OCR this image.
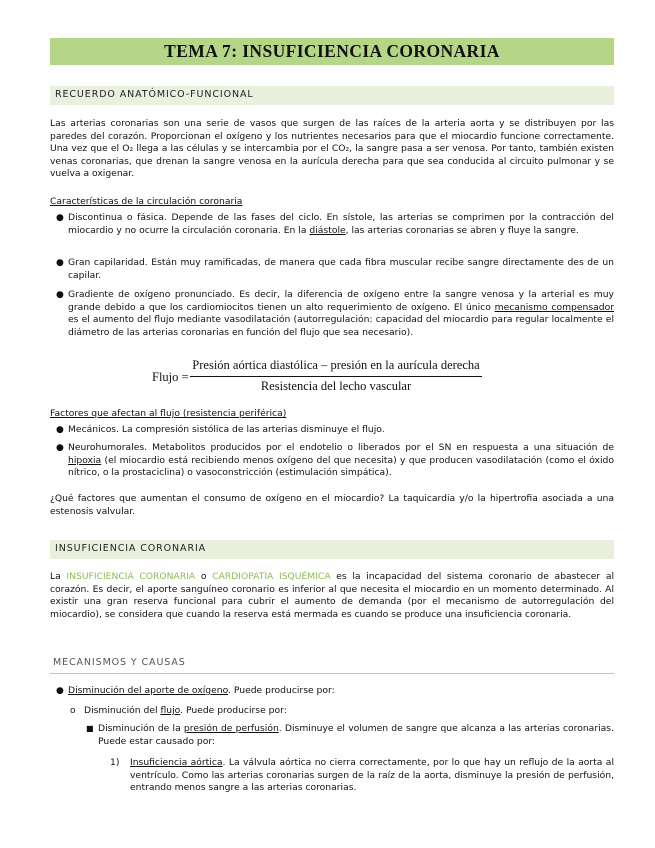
TEMA 7: INSUFICIENCIA CORONARIA
RECUERDO ANATÓMICO-FUNCIONAL
Las arterias coronarias son una serie de vasos que surgen de las raíces de la arteria aorta y se distribuyen por las paredes del corazón. Proporcionan el oxígeno y los nutrientes necesarios para que el miocardio funcione correctamente. Una vez que el O₂ llega a las células y se intercambia por el CO₂, la sangre pasa a ser venosa. Por tanto, también existen venas coronarias, que drenan la sangre venosa en la aurícula derecha para que sea conducida al circuito pulmonar y se vuelva a oxigenar.
Características de la circulación coronaria
● Discontinua o fásica. Depende de las fases del ciclo. En sístole, las arterias se comprimen por la contracción del miocardio y no ocurre la circulación coronaria. En la diástole, las arterias coronarias se abren y fluye la sangre.
● Gran capilaridad. Están muy ramificadas, de manera que cada fibra muscular recibe sangre directamente des de un capilar.
● Gradiente de oxígeno pronunciado. Es decir, la diferencia de oxígeno entre la sangre venosa y la arterial es muy grande debido a que los cardiomiocitos tienen un alto requerimiento de oxígeno. El único mecanismo compensador es el aumento del flujo mediante vasodilatación (autorregulación: capacidad del miocardio para regular localmente el diámetro de las arterias coronarias en función del flujo que sea necesario).
Flujo =
Presión aórtica diastólica – presión en la aurícula derecha
Resistencia del lecho vascular
Factores que afectan al flujo (resistencia periférica)
● Mecánicos. La compresión sistólica de las arterias disminuye el flujo.
● Neurohumorales. Metabolitos producidos por el endotelio o liberados por el SN en respuesta a una situación de hipoxia (el miocardio está recibiendo menos oxígeno del que necesita) y que producen vasodilatación (como el óxido nítrico, o la prostaciclina) o vasoconstricción (estimulación simpática).
¿Qué factores que aumentan el consumo de oxígeno en el miocardio? La taquicardia y/o la hipertrofia asociada a una estenosis valvular.
INSUFICIENCIA CORONARIA
La INSUFICIENCIA CORONARIA o CARDIOPATÍA ISQUÉMICA es la incapacidad del sistema coronario de abastecer al corazón. Es decir, el aporte sanguíneo coronario es inferior al que necesita el miocardio en un momento determinado. Al existir una gran reserva funcional para cubrir el aumento de demanda (por el mecanismo de autorregulación del miocardio), se considera que cuando la reserva está mermada es cuando se produce una insuficiencia coronaria.
MECANISMOS Y CAUSAS
● Disminución del aporte de oxígeno. Puede producirse por:
o Disminución del flujo. Puede producirse por:
■ Disminución de la presión de perfusión. Disminuye el volumen de sangre que alcanza a las arterias coronarias. Puede estar causado por:
1) Insuficiencia aórtica. La válvula aórtica no cierra correctamente, por lo que hay un reflujo de la aorta al ventrículo. Como las arterias coronarias surgen de la raíz de la aorta, disminuye la presión de perfusión, entrando menos sangre a las arterias coronarias.
